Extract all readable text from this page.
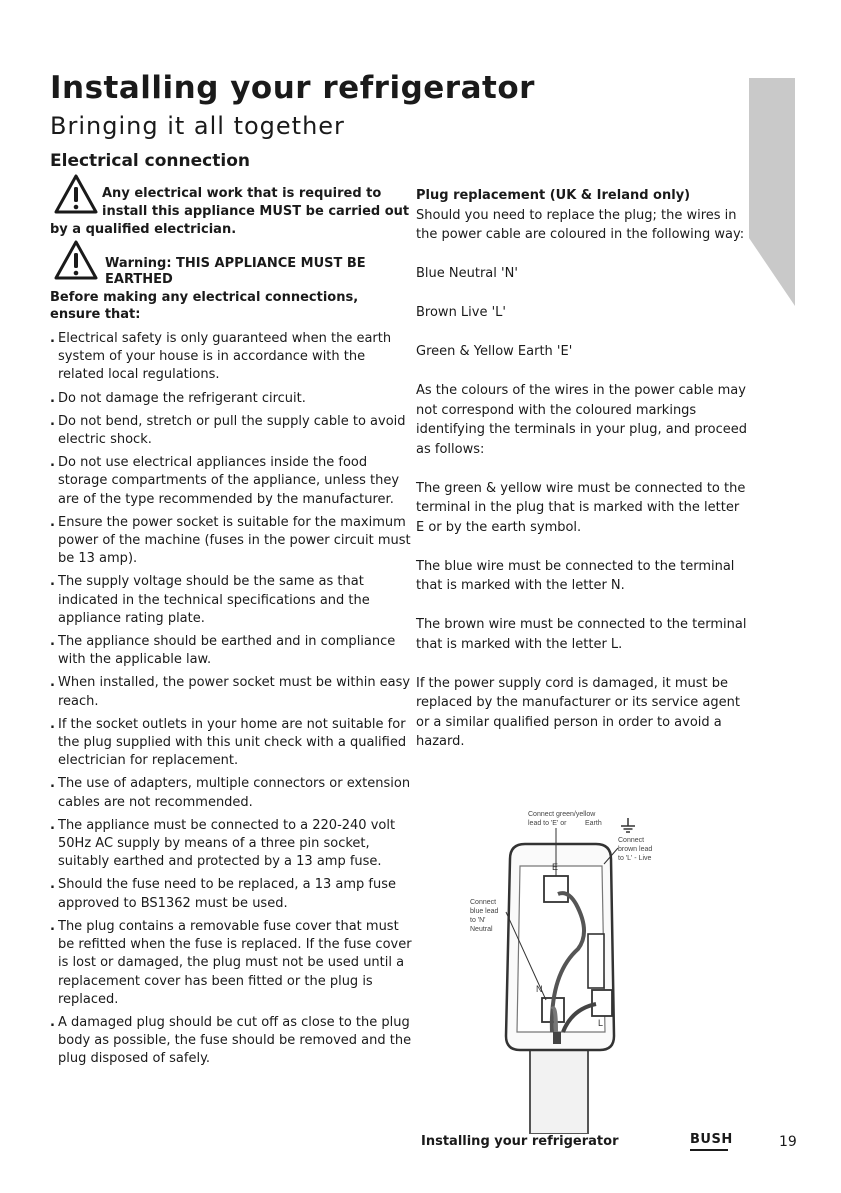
Installing your refrigerator
Bringing it all together
Electrical connection
Any electrical work that is required to
install this appliance MUST be carried out
by a qualified electrician.
Warning: THIS APPLIANCE MUST BE
EARTHED
Before making any electrical connections,
ensure that:
. Electrical safety is only guaranteed when the earth system of your house is in accordance with the related local regulations.
. Do not damage the refrigerant circuit.
. Do not bend, stretch or pull the supply cable to avoid electric shock.
. Do not use electrical appliances inside the food storage compartments of the appliance, unless they are of the type recommended by the manufacturer.
. Ensure the power socket is suitable for the maximum power of the machine (fuses in the power circuit must be 13 amp).
. The supply voltage should be the same as that indicated in the technical specifications and the appliance rating plate.
. The appliance should be earthed and in compliance with the applicable law.
. When installed, the power socket must be within easy reach.
. If the socket outlets in your home are not suitable for the plug supplied with this unit check with a qualified electrician for replacement.
. The use of adapters, multiple connectors or extension cables are not recommended.
. The appliance must be connected to a 220-240 volt 50Hz AC supply by means of a three pin socket, suitably earthed and protected by a 13 amp fuse.
. Should the fuse need to be replaced, a 13 amp fuse approved to BS1362 must be used.
. The plug contains a removable fuse cover that must be refitted when the fuse is replaced. If the fuse cover is lost or damaged, the plug must not be used until a replacement cover has been fitted or the plug is replaced.
. A damaged plug should be cut off as close to the plug body as possible, the fuse should be removed and the plug disposed of safely.

Plug replacement (UK & Ireland only)

Should you need to replace the plug; the wires in the power cable are coloured in the following way:

Blue Neutral 'N'

Brown Live 'L'

Green & Yellow Earth 'E'

As the colours of the wires in the power cable may not correspond with the coloured markings identifying the terminals in your plug, and proceed as follows:

The green & yellow wire must be connected to the terminal in the plug that is marked with the letter E or by the earth symbol.

The blue wire must be connected to the terminal that is marked with the letter N.

The brown wire must be connected to the terminal that is marked with the letter L.

If the power supply cord is damaged, it must be replaced by the manufacturer or its service agent or a similar qualified person in order to avoid a hazard.

Connect green/yellow
lead to 'E' or	Earth
Connect
brown lead
to 'L' - Live
Connect
blue lead
to 'N'
Neutral
E
N
L
Installing your refrigerator	BUSH	19
